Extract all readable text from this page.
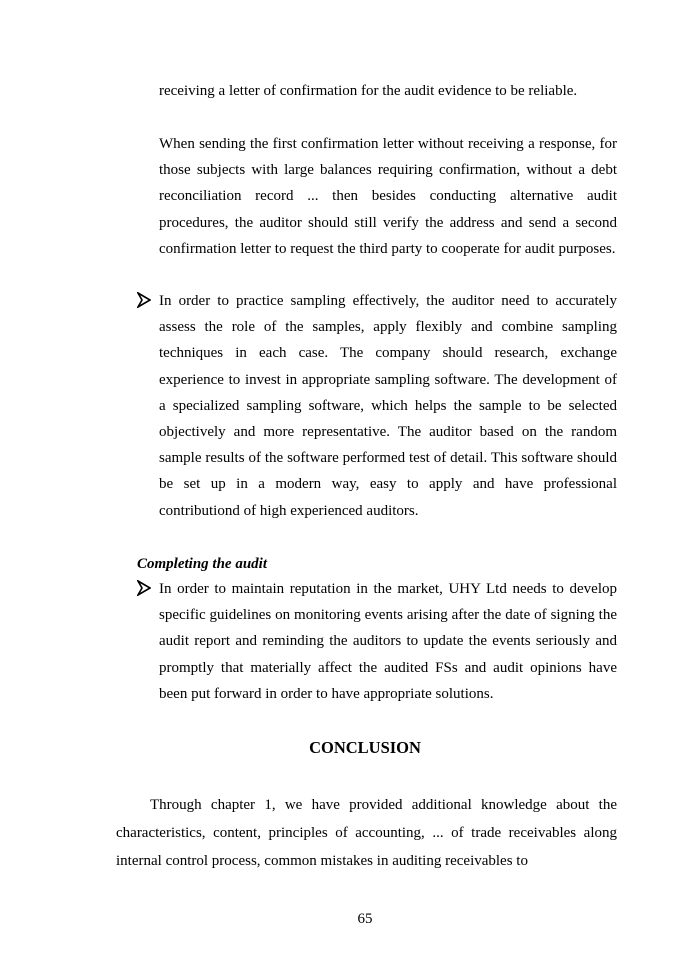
receiving a letter of confirmation for the audit evidence to be reliable.

When sending the first confirmation letter without receiving a response, for those subjects with large balances requiring confirmation, without a debt reconciliation record ... then besides conducting alternative audit procedures, the auditor should still verify the address and send a second confirmation letter to request the third party to cooperate for audit purposes.

In order to practice sampling effectively, the auditor need to accurately assess the role of the samples, apply flexibly and combine sampling techniques in each case. The company should research, exchange experience to invest in appropriate sampling software. The development of a specialized sampling software, which helps the sample to be selected objectively and more representative. The auditor based on the random sample results of the software performed test of detail. This software should be set up in a modern way, easy to apply and have professional contributiond of high experienced auditors.

Completing the audit

In order to maintain reputation in the market, UHY Ltd needs to develop specific guidelines on monitoring events arising after the date of signing the audit report and reminding the auditors to update the events seriously and promptly that materially affect the audited FSs and audit opinions have been put forward in order to have appropriate solutions.

CONCLUSION

Through chapter 1, we have provided additional knowledge about the characteristics, content, principles of accounting, ... of trade receivables along internal control process, common mistakes in auditing receivables to

65
